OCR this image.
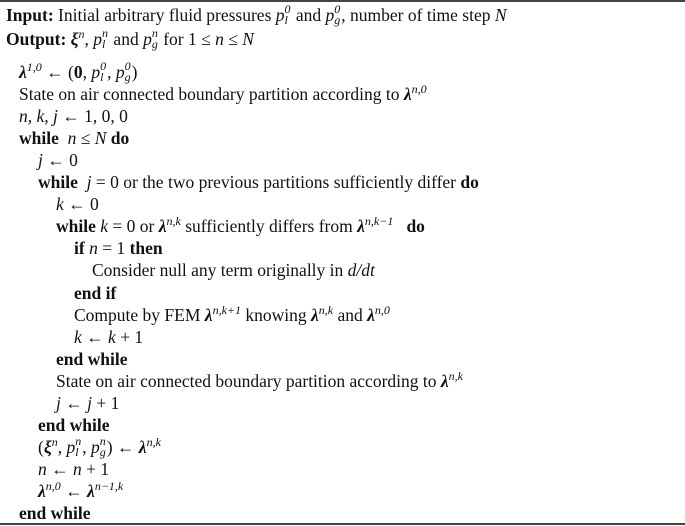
Input: Initial arbitrary fluid pressures p 0
l and p 0
g , number of time step N
Output: $\xi^n$, p n
l and p n
g for 1 ≤ n ≤ N
$\lambda^{1,0}$ ← (0, p 0
l , p 0
g )
State on air connected boundary partition according to $\lambda^{n,0}$
n, k, j ← 1, 0, 0
while n ≤ N do
j ← 0
while j = 0 or the two previous partitions sufficiently differ do
k ← 0
while k = 0 or $\lambda^{n,k}$ sufficiently differs from $\lambda^{n,k-1}$ do
if n = 1 then
Consider null any term originally in d/dt
end if
Compute by FEM $\lambda^{n,k+1}$ knowing $\lambda^{n,k}$ and $\lambda^{n,0}$
k ← k + 1
end while
State on air connected boundary partition according to $\lambda^{n,k}$
j ← j + 1
end while
($\xi^n$, p n
l , p n
g ) ← $\lambda^{n,k}$
n ← n + 1
$\lambda^{n,0}$ ← $\lambda^{n-1,k}$
end while
